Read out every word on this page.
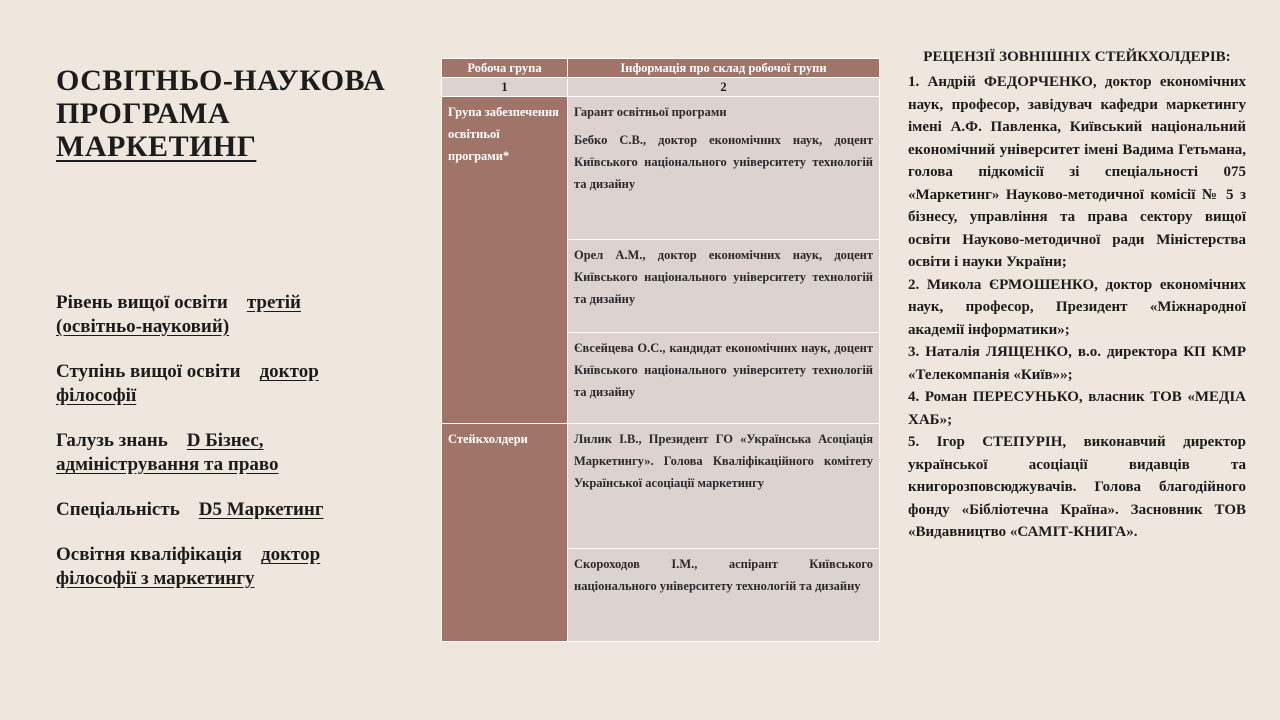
ОСВІТНЬО-НАУКОВА
ПРОГРАМА
МАРКЕТИНГ
Рівень вищої освіти третій (освітньо-науковий)
Ступінь вищої освіти доктор філософії
Галузь знань D Бізнес, адміністрування та право
Спеціальність D5 Маркетинг
Освітня кваліфікація доктор філософії з маркетингу
Робоча група	Інформація про склад робочої групи
1	2
Група забезпечення освітньої програми*	Гарант освітньої програми

Бебко С.В., доктор економічних наук, доцент Київського національного університету технологій та дизайну

	Орел А.М., доктор економічних наук, доцент Київського національного університету технологій та дизайну

	Євсейцева О.С., кандидат економічних наук, доцент Київського національного університету технологій та дизайну

Стейкхолдери	Лилик І.В., Президент ГО «Українська Асоціація Маркетингу». Голова Кваліфікаційного комітету Української асоціації маркетингу

	Скороходов І.М., аспірант Київського національного університету технологій та дизайну

РЕЦЕНЗІЇ ЗОВНІШНІХ СТЕЙКХОЛДЕРІВ:

1. Андрій ФЕДОРЧЕНКО, доктор економічних наук, професор, завідувач кафедри маркетингу імені А.Ф. Павленка, Київський національний економічний університет імені Вадима Гетьмана, голова підкомісії зі спеціальності 075 «Маркетинг» Науково-методичної комісії № 5 з бізнесу, управління та права сектору вищої освіти Науково-методичної ради Міністерства освіти і науки України;

2. Микола ЄРМОШЕНКО, доктор економічних наук, професор, Президент «Міжнародної академії інформатики»;

3. Наталія ЛЯЩЕНКО, в.о. директора КП КМР «Телекомпанія «Київ»»;

4. Роман ПЕРЕСУНЬКО, власник ТОВ «МЕДІА ХАБ»;

5. Ігор СТЕПУРІН, виконавчий директор української асоціації видавців та книгорозповсюджувачів. Голова благодійного фонду «Бібліотечна Країна». Засновник ТОВ «Видавництво «САМІТ-КНИГА».
